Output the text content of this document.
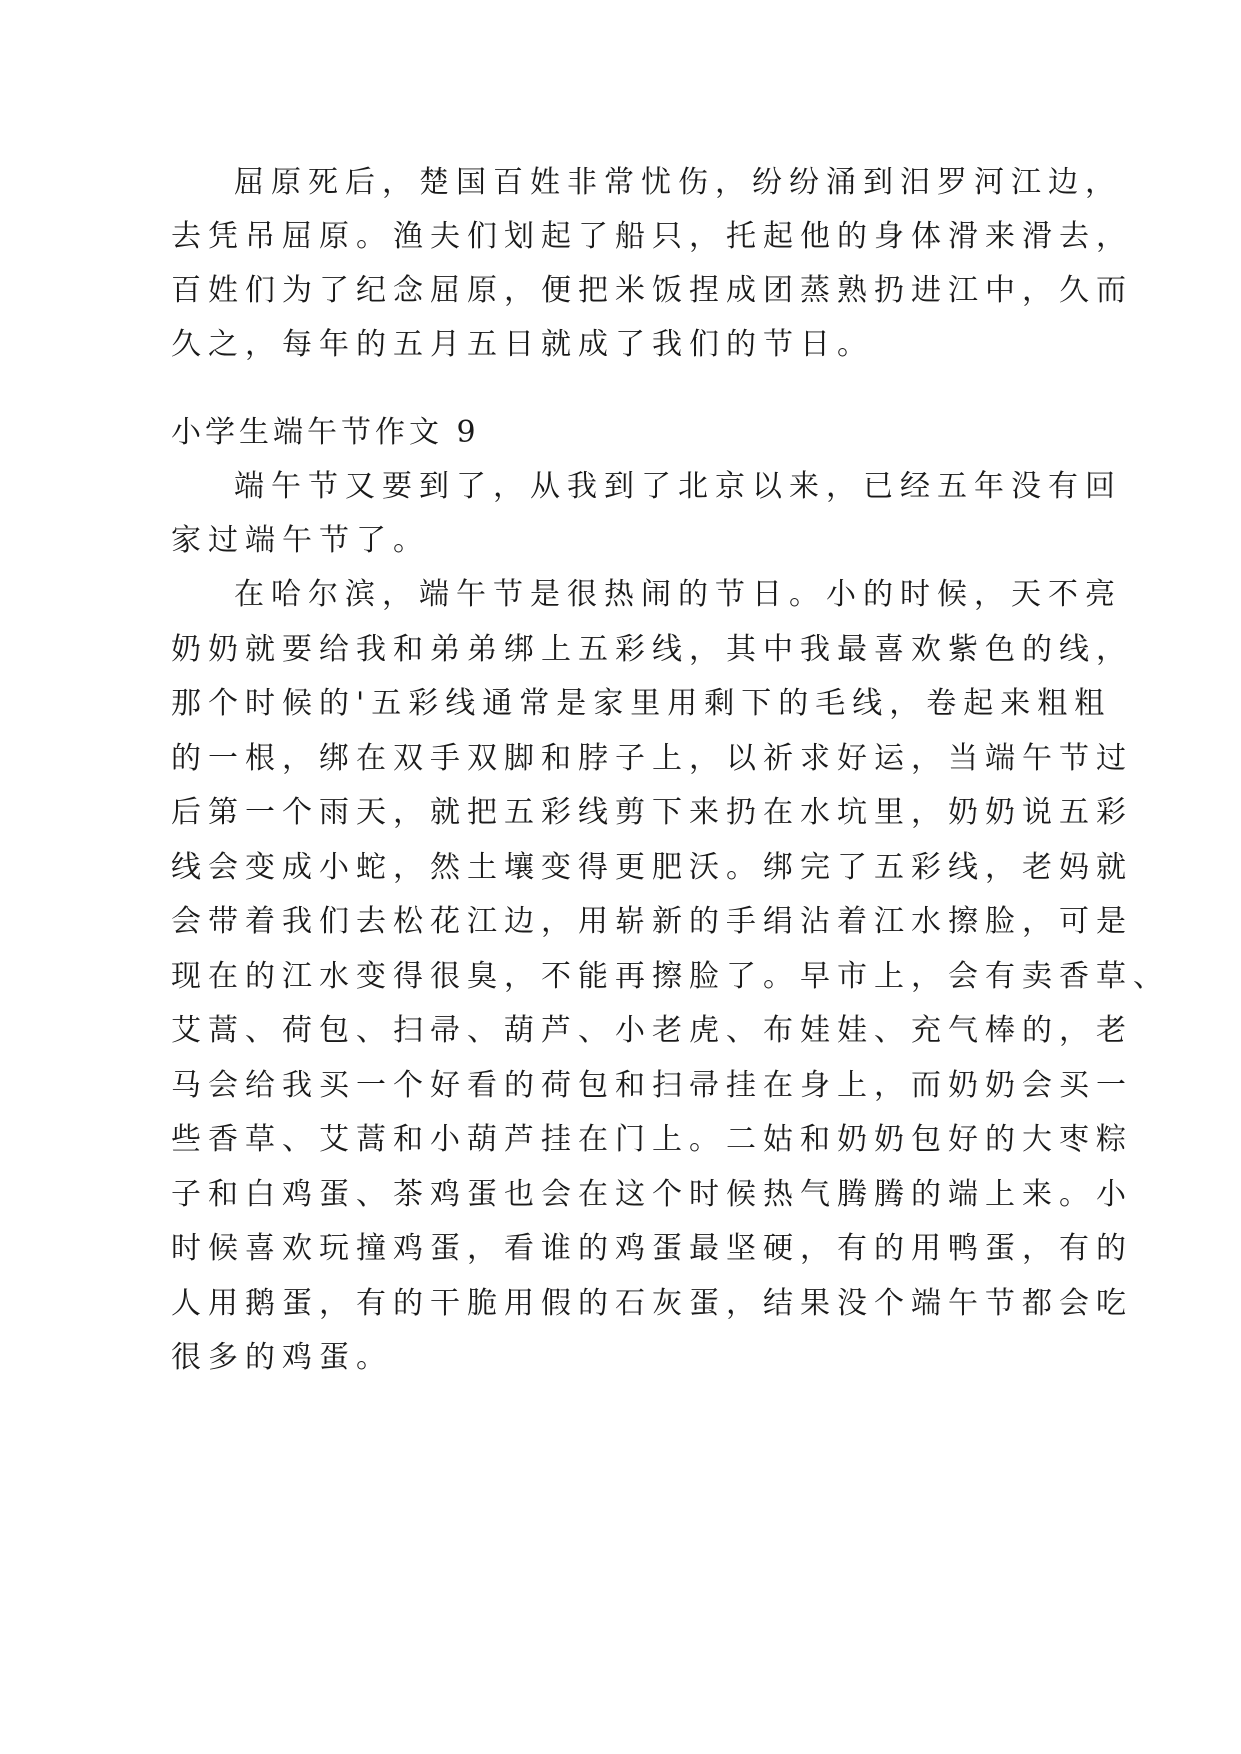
屈原死后，楚国百姓非常忧伤，纷纷涌到汨罗河江边，
去凭吊屈原。渔夫们划起了船只，托起他的身体滑来滑去，
百姓们为了纪念屈原，便把米饭捏成团蒸熟扔进江中，久而
久之，每年的五月五日就成了我们的节日。
小学生端午节作文 9
端午节又要到了，从我到了北京以来，已经五年没有回
家过端午节了。
在哈尔滨，端午节是很热闹的节日。小的时候，天不亮
奶奶就要给我和弟弟绑上五彩线，其中我最喜欢紫色的线，
那个时候的'五彩线通常是家里用剩下的毛线，卷起来粗粗
的一根，绑在双手双脚和脖子上，以祈求好运，当端午节过
后第一个雨天，就把五彩线剪下来扔在水坑里，奶奶说五彩
线会变成小蛇，然土壤变得更肥沃。绑完了五彩线，老妈就
会带着我们去松花江边，用崭新的手绢沾着江水擦脸，可是
现在的江水变得很臭，不能再擦脸了。早市上，会有卖香草、
艾蒿、荷包、扫帚、葫芦、小老虎、布娃娃、充气棒的，老
马会给我买一个好看的荷包和扫帚挂在身上，而奶奶会买一
些香草、艾蒿和小葫芦挂在门上。二姑和奶奶包好的大枣粽
子和白鸡蛋、茶鸡蛋也会在这个时候热气腾腾的端上来。小
时候喜欢玩撞鸡蛋，看谁的鸡蛋最坚硬，有的用鸭蛋，有的
人用鹅蛋，有的干脆用假的石灰蛋，结果没个端午节都会吃
很多的鸡蛋。
